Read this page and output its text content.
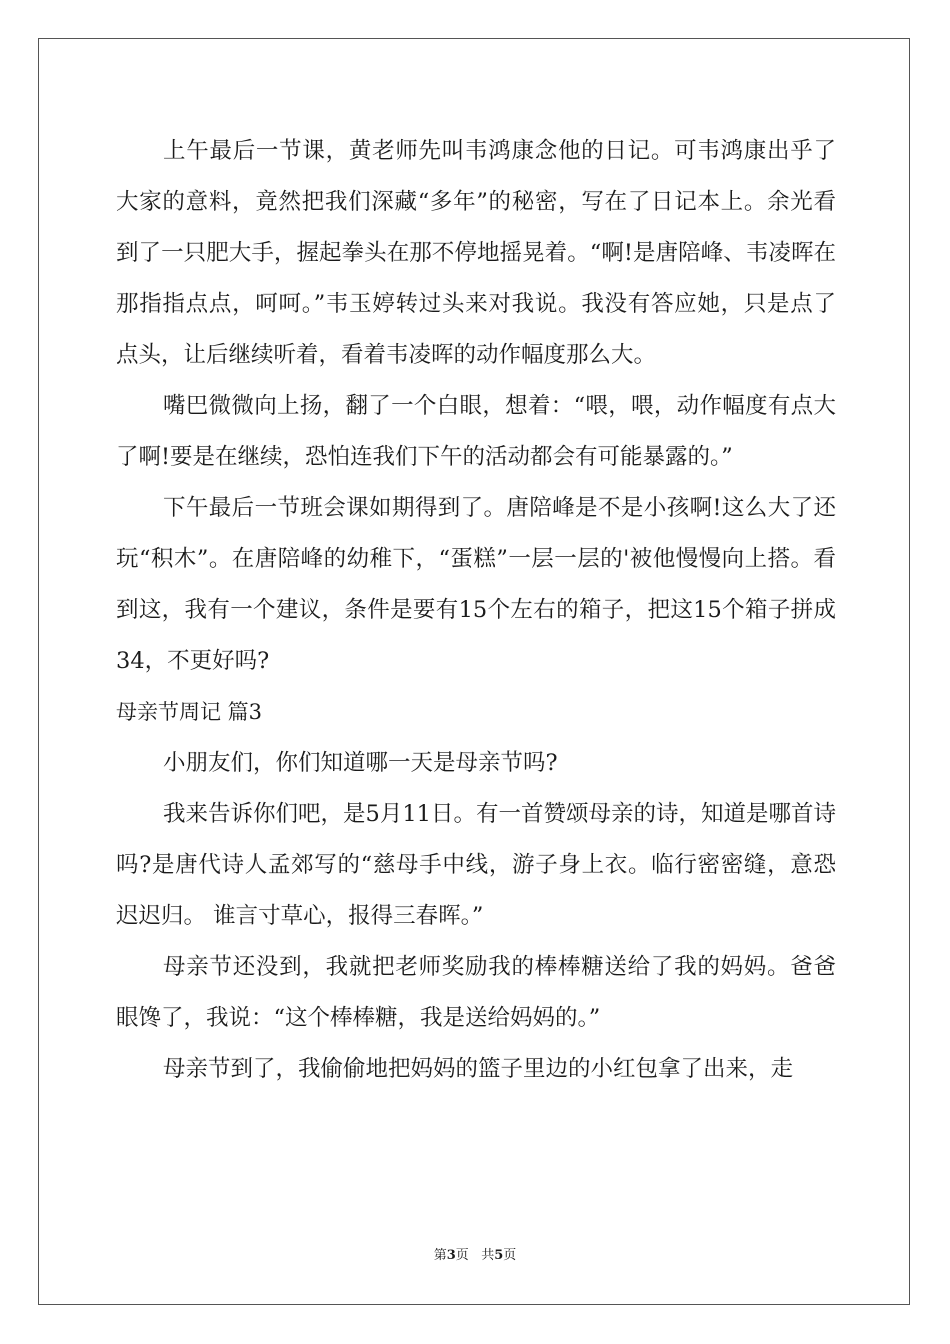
上午最后一节课，黄老师先叫韦鸿康念他的日记。可韦鸿康出乎了大家的意料，竟然把我们深藏“多年”的秘密，写在了日记本上。余光看到了一只肥大手，握起拳头在那不停地摇晃着。“啊!是唐陪峰、韦凌晖在那指指点点，呵呵。”韦玉婷转过头来对我说。我没有答应她，只是点了点头，让后继续听着，看着韦凌晖的动作幅度那么大。

嘴巴微微向上扬，翻了一个白眼，想着：“喂，喂，动作幅度有点大了啊!要是在继续，恐怕连我们下午的活动都会有可能暴露的。”

下午最后一节班会课如期得到了。唐陪峰是不是小孩啊!这么大了还玩“积木”。在唐陪峰的幼稚下，“蛋糕”一层一层的'被他慢慢向上搭。看到这，我有一个建议，条件是要有15个左右的箱子，把这15个箱子拼成34，不更好吗?

母亲节周记 篇3

小朋友们，你们知道哪一天是母亲节吗?

我来告诉你们吧，是5月11日。有一首赞颂母亲的诗，知道是哪首诗吗?是唐代诗人孟郊写的“慈母手中线，游子身上衣。临行密密缝，意恐迟迟归。 谁言寸草心，报得三春晖。”

母亲节还没到，我就把老师奖励我的棒棒糖送给了我的妈妈。爸爸眼馋了，我说：“这个棒棒糖，我是送给妈妈的。”

母亲节到了，我偷偷地把妈妈的篮子里边的小红包拿了出来，走

第3页   共5页
